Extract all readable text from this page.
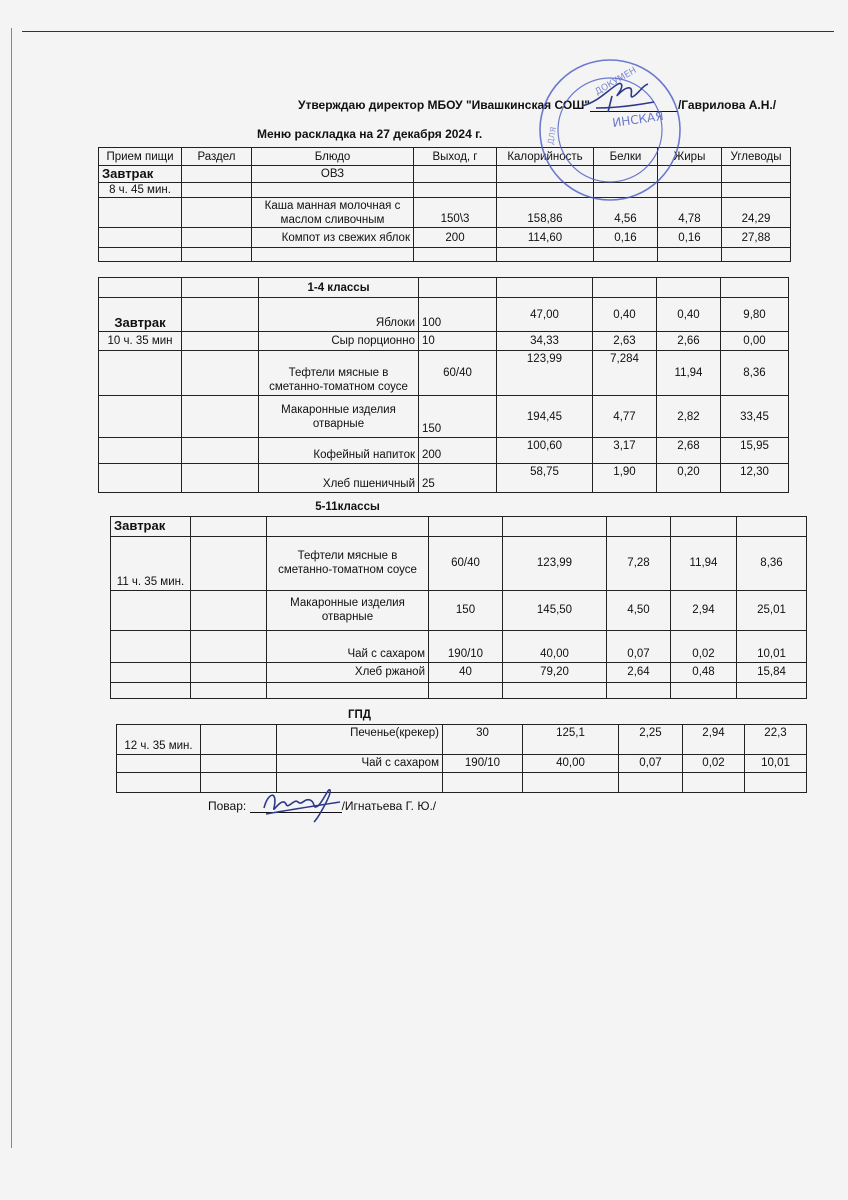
Утверждаю директор МБОУ "Ивашкинская СОШ"	/Гаврилова А.Н./
Меню раскладка на 27 декабря 2024 г.
Прием пищи	Раздел	Блюдо	Выход, г	Калорийность	Белки	Жиры	Углеводы
Завтрак		ОВЗ					
8 ч. 45 мин.							
		Каша манная молочная с маслом сливочным	150\3	158,86	4,56	4,78	24,29
		Компот из свежих яблок	200	114,60	0,16	0,16	27,88

		1-4 классы					
Завтрак		Яблоки	100	47,00	0,40	0,40	9,80
10 ч. 35 мин		Сыр порционно	10	34,33	2,63	2,66	0,00
		Тефтели мясные в сметанно-томатном соусе	60/40	123,99	7,284	11,94	8,36
		Макаронные изделия отварные	150	194,45	4,77	2,82	33,45
		Кофейный напиток	200	100,60	3,17	2,68	15,95
		Хлеб пшеничный	25	58,75	1,90	0,20	12,30
		5-11классы					
Завтрак							
11 ч. 35 мин.		Тефтели мясные в сметанно-томатном соусе	60/40	123,99	7,28	11,94	8,36
		Макаронные изделия отварные	150	145,50	4,50	2,94	25,01
		Чай с сахаром	190/10	40,00	0,07	0,02	10,01
		Хлеб ржаной	40	79,20	2,64	0,48	15,84

		ГПД					
12 ч. 35 мин.		Печенье(крекер)	30	125,1	2,25	2,94	22,3
		Чай с сахаром	190/10	40,00	0,07	0,02	10,01

Повар:	/Игнатьева Г. Ю./
ИНСКАЯ
ДОКУМЕН
ДЛЯ
